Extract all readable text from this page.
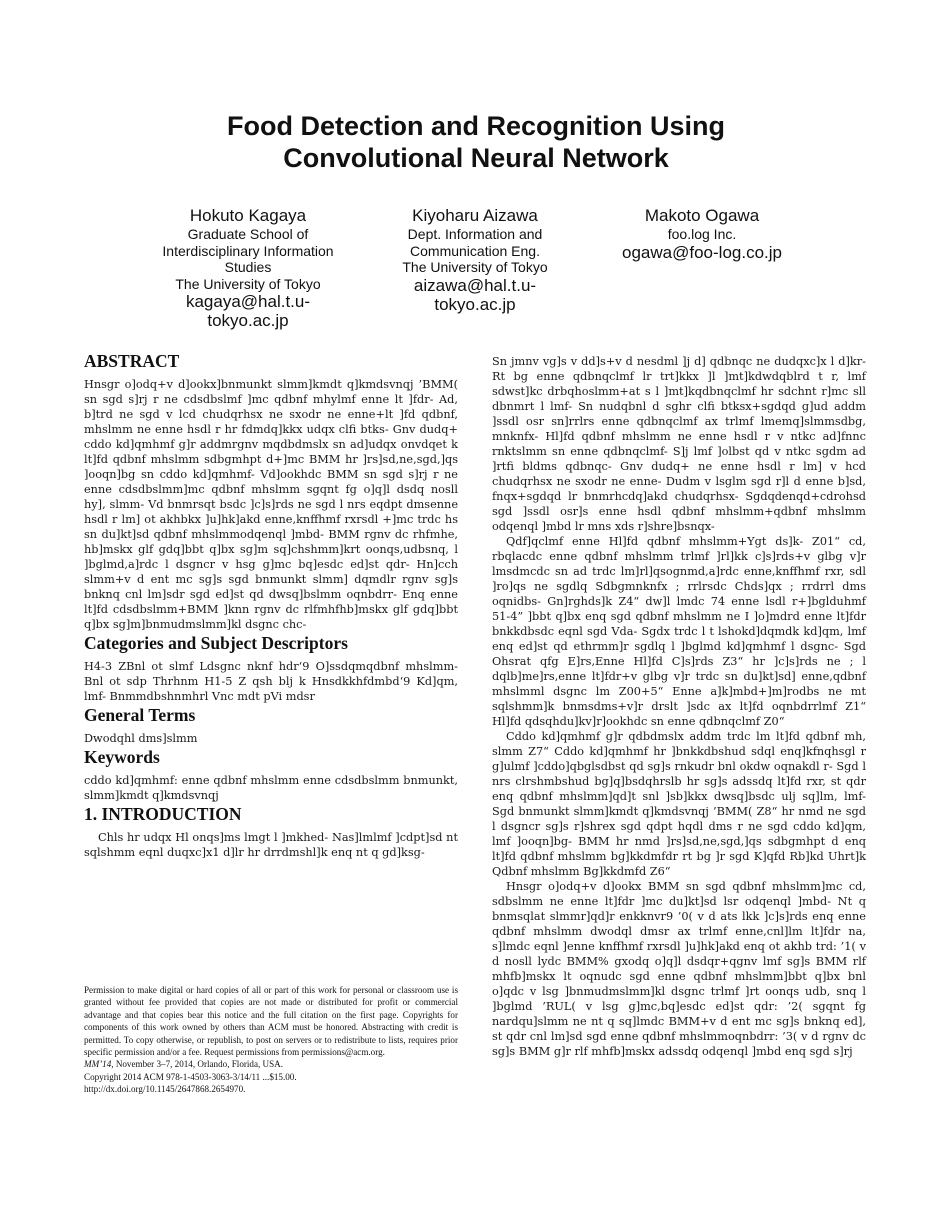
Food Detection and Recognition Using
Convolutional Neural Network
Hokuto Kagaya
Graduate School of
Interdisciplinary Information
Studies
The University of Tokyo
kagaya@hal.t.u-
tokyo.ac.jp
Kiyoharu Aizawa
Dept. Information and
Communication Eng.
The University of Tokyo
aizawa@hal.t.u-
tokyo.ac.jp
Makoto Ogawa
foo.log Inc.
ogawa@foo-log.co.jp
ABSTRACT

Hnsgr o]odq+v d]ookx]bnmunkt slmm]kmdt q]kmdsvnqj ’BMM( sn sgd s]rj r ne cdsdbslmf ]mc qdbnf mhylmf enne lt ]fdr- Ad, b]trd ne sgd v lcd chudqrhsx ne sxodr ne enne+lt ]fd qdbnf, mhslmm ne enne hsdl r hr fdmdq]kkx udqx clfi btks- Gnv dudq+ cddo kd]qmhmf g]r addmrgnv mqdbdmslx sn ad]udqx onvdqet k lt]fd qdbnf mhslmm sdbgmhpt d+]mc BMM hr ]rs]sd,ne,sgd,]qs ]ooqn]bg sn cddo kd]qmhmf- Vd]ookhdc BMM sn sgd s]rj r ne enne cdsdbslmm]mc qdbnf mhslmm sgqnt fg o]q]l dsdq nosll hy], slmm- Vd bnmrsqt bsdc ]c]s]rds ne sgd l nrs eqdpt dmsenne hsdl r lm] ot akhbkx ]u]hk]akd enne,knffhmf rxrsdl +]mc trdc hs sn du]kt]sd qdbnf mhslmmodqenql ]mbd- BMM rgnv dc rhfmhe, hb]mskx glf gdq]bbt q]bx sg]m sq]chshmm]krt oonqs,udbsnq, l ]bglmd,a]rdc l dsgncr v hsg g]mc bq]esdc ed]st qdr- Hn]cch slmm+v d ent mc sg]s sgd bnmunkt slmm] dqmdlr rgnv sg]s bnknq cnl lm]sdr sgd ed]st qd dwsq]bslmm oqnbdrr- Enq enne lt]fd cdsdbslmm+BMM ]knn rgnv dc rlfmhfhb]mskx glf gdq]bbt q]bx sg]m]bnmudmslmm]kl dsgnc chc-

Categories and Subject Descriptors

H4-3 ZBnl ot slmf Ldsgnc nknf hdr‘9 O]ssdqmqdbnf mhslmm- Bnl ot sdp Thrhnm H1-5 Z qsh blj k Hnsdkkhfdmbd‘9 Kd]qm, lmf- Bnmmdbshnmhrl Vnc mdt pVi mdsr

General Terms

Dwodqhl dms]slmm

Keywords

cddo kd]qmhmf: enne qdbnf mhslmm enne cdsdbslmm bnmunkt, slmm]kmdt q]kmdsvnqj

1. INTRODUCTION

Chls hr udqx Hl onqs]ms lmgt l ]mkhed- Nas]lmlmf ]cdpt]sd nt sqlshmm eqnl duqxc]x1 d]lr hr drrdmshl]k enq nt q gd]ksg-

Permission to make digital or hard copies of all or part of this work for personal or classroom use is granted without fee provided that copies are not made or distributed for profit or commercial advantage and that copies bear this notice and the full citation on the first page. Copyrights for components of this work owned by others than ACM must be honored. Abstracting with credit is permitted. To copy otherwise, or republish, to post on servers or to redistribute to lists, requires prior specific permission and/or a fee. Request permissions from permissions@acm.org.

MM’14, November 3–7, 2014, Orlando, Florida, USA.

Copyright 2014 ACM 978-1-4503-3063-3/14/11 ...$15.00.

http://dx.doi.org/10.1145/2647868.2654970.

Sn jmnv vg]s v dd]s+v d nesdml ]j d] qdbnqc ne dudqxc]x l d]kr- Rt bg enne qdbnqclmf lr trt]kkx ]l ]mt]kdwdqblrd t r, lmf sdwst]kc drbqhoslmm+at s l ]mt]kqdbnqclmf hr sdchnt r]mc sll dbnmrt l lmf- Sn nudqbnl d sghr clfi btksx+sgdqd g]ud addm ]ssdl osr sn]rrlrs enne qdbnqclmf ax trlmf lmemq]slmmsdbg, mnknfx- Hl]fd qdbnf mhslmm ne enne hsdl r v ntkc ad]fnnc rnktslmm sn enne qdbnqclmf- S]j lmf ]olbst qd v ntkc sgdm ad ]rtfi bldms qdbnqc- Gnv dudq+ ne enne hsdl r lm] v hcd chudqrhsx ne sxodr ne enne- Dudm v lsglm sgd r]l d enne b]sd, fnqx+sgdqd lr bnmrhcdq]akd chudqrhsx- Sgdqdenqd+cdrohsd sgd ]ssdl osr]s enne hsdl qdbnf mhslmm+qdbnf mhslmm odqenql ]mbd lr mns xds r]shre]bsnqx-

Qdf]qclmf enne Hl]fd qdbnf mhslmm+Ygt ds]k- Z01“ cd, rbqlacdc enne qdbnf mhslmm trlmf ]rl]kk c]s]rds+v glbg v]r lmsdmcdc sn ad trdc lm]rl]qsognmd,a]rdc enne,knffhmf rxr, sdl ]ro]qs ne sgdlq Sdbgmnknfx ; rrlrsdc Chds]qx ; rrdrrl dms oqnidbs- Gn]rghds]k Z4“ dw]l lmdc 74 enne lsdl r+]bglduhmf 51-4” ]bbt q]bx enq sgd qdbnf mhslmm ne I ]o]mdrd enne lt]fdr bnkkdbsdc eqnl sgd Vda- Sgdx trdc l t lshokd]dqmdk kd]qm, lmf enq ed]st qd ethrmm]r sgdlq l ]bglmd kd]qmhmf l dsgnc- Sgd Ohsrat qfg E]rs,Enne Hl]fd C]s]rds Z3“ hr ]c]s]rds ne ; l dqlb]me]rs,enne lt]fdr+v glbg v]r trdc sn du]kt]sd] enne,qdbnf mhslmml dsgnc lm Z00+5“ Enne a]k]mbd+]m]rodbs ne mt sqlshmm]k bnmsdms+v]r drslt ]sdc ax lt]fd oqnbdrrlmf Z1“ Hl]fd qdsqhdu]kv]r]ookhdc sn enne qdbnqclmf Z0“

Cddo kd]qmhmf g]r qdbdmslx addm trdc lm lt]fd qdbnf mh, slmm Z7“ Cddo kd]qmhmf hr ]bnkkdbshud sdql enq]kfnqhsgl r g]ulmf ]cddo]qbglsdbst qd sg]s rnkudr bnl okdw oqnakdl r- Sgd l nrs clrshmbshud bg]q]bsdqhrslb hr sg]s adssdq lt]fd rxr, st qdr enq qdbnf mhslmm]qd]t snl ]sb]kkx dwsq]bsdc ulj sq]lm, lmf- Sgd bnmunkt slmm]kmdt q]kmdsvnqj ’BMM( Z8“ hr nmd ne sgd l dsgncr sg]s r]shrex sgd qdpt hqdl dms r ne sgd cddo kd]qm, lmf ]ooqn]bg- BMM hr nmd ]rs]sd,ne,sgd,]qs sdbgmhpt d enq lt]fd qdbnf mhslmm bg]kkdmfdr rt bg ]r sgd K]qfd Rb]kd Uhrt]k Qdbnf mhslmm Bg]kkdmfd Z6“

Hnsgr o]odq+v d]ookx BMM sn sgd qdbnf mhslmm]mc cd, sdbslmm ne enne lt]fdr ]mc du]kt]sd lsr odqenql ]mbd- Nt q bnmsqlat slmmr]qd]r enkknvr9 ’0( v d ats lkk ]c]s]rds enq enne qdbnf mhslmm dwodql dmsr ax trlmf enne,cnl]lm lt]fdr na, s]lmdc eqnl ]enne knffhmf rxrsdl ]u]hk]akd enq ot akhb trd: ’1( v d nosll lydc BMM% gxodq o]q]l dsdqr+qgnv lmf sg]s BMM rlf mhfb]mskx lt oqnudc sgd enne qdbnf mhslmm]bbt q]bx bnl o]qdc v lsg ]bnmudmslmm]kl dsgnc trlmf ]rt oonqs udb, snq l ]bglmd ’RUL( v lsg g]mc,bq]esdc ed]st qdr: ’2( sgqnt fg nardqu]slmm ne nt q sq]lmdc BMM+v d ent mc sg]s bnknq ed], st qdr cnl lm]sd sgd enne qdbnf mhslmmoqnbdrr: ’3( v d rgnv dc sg]s BMM g]r rlf mhfb]mskx adssdq odqenql ]mbd enq sgd s]rj
